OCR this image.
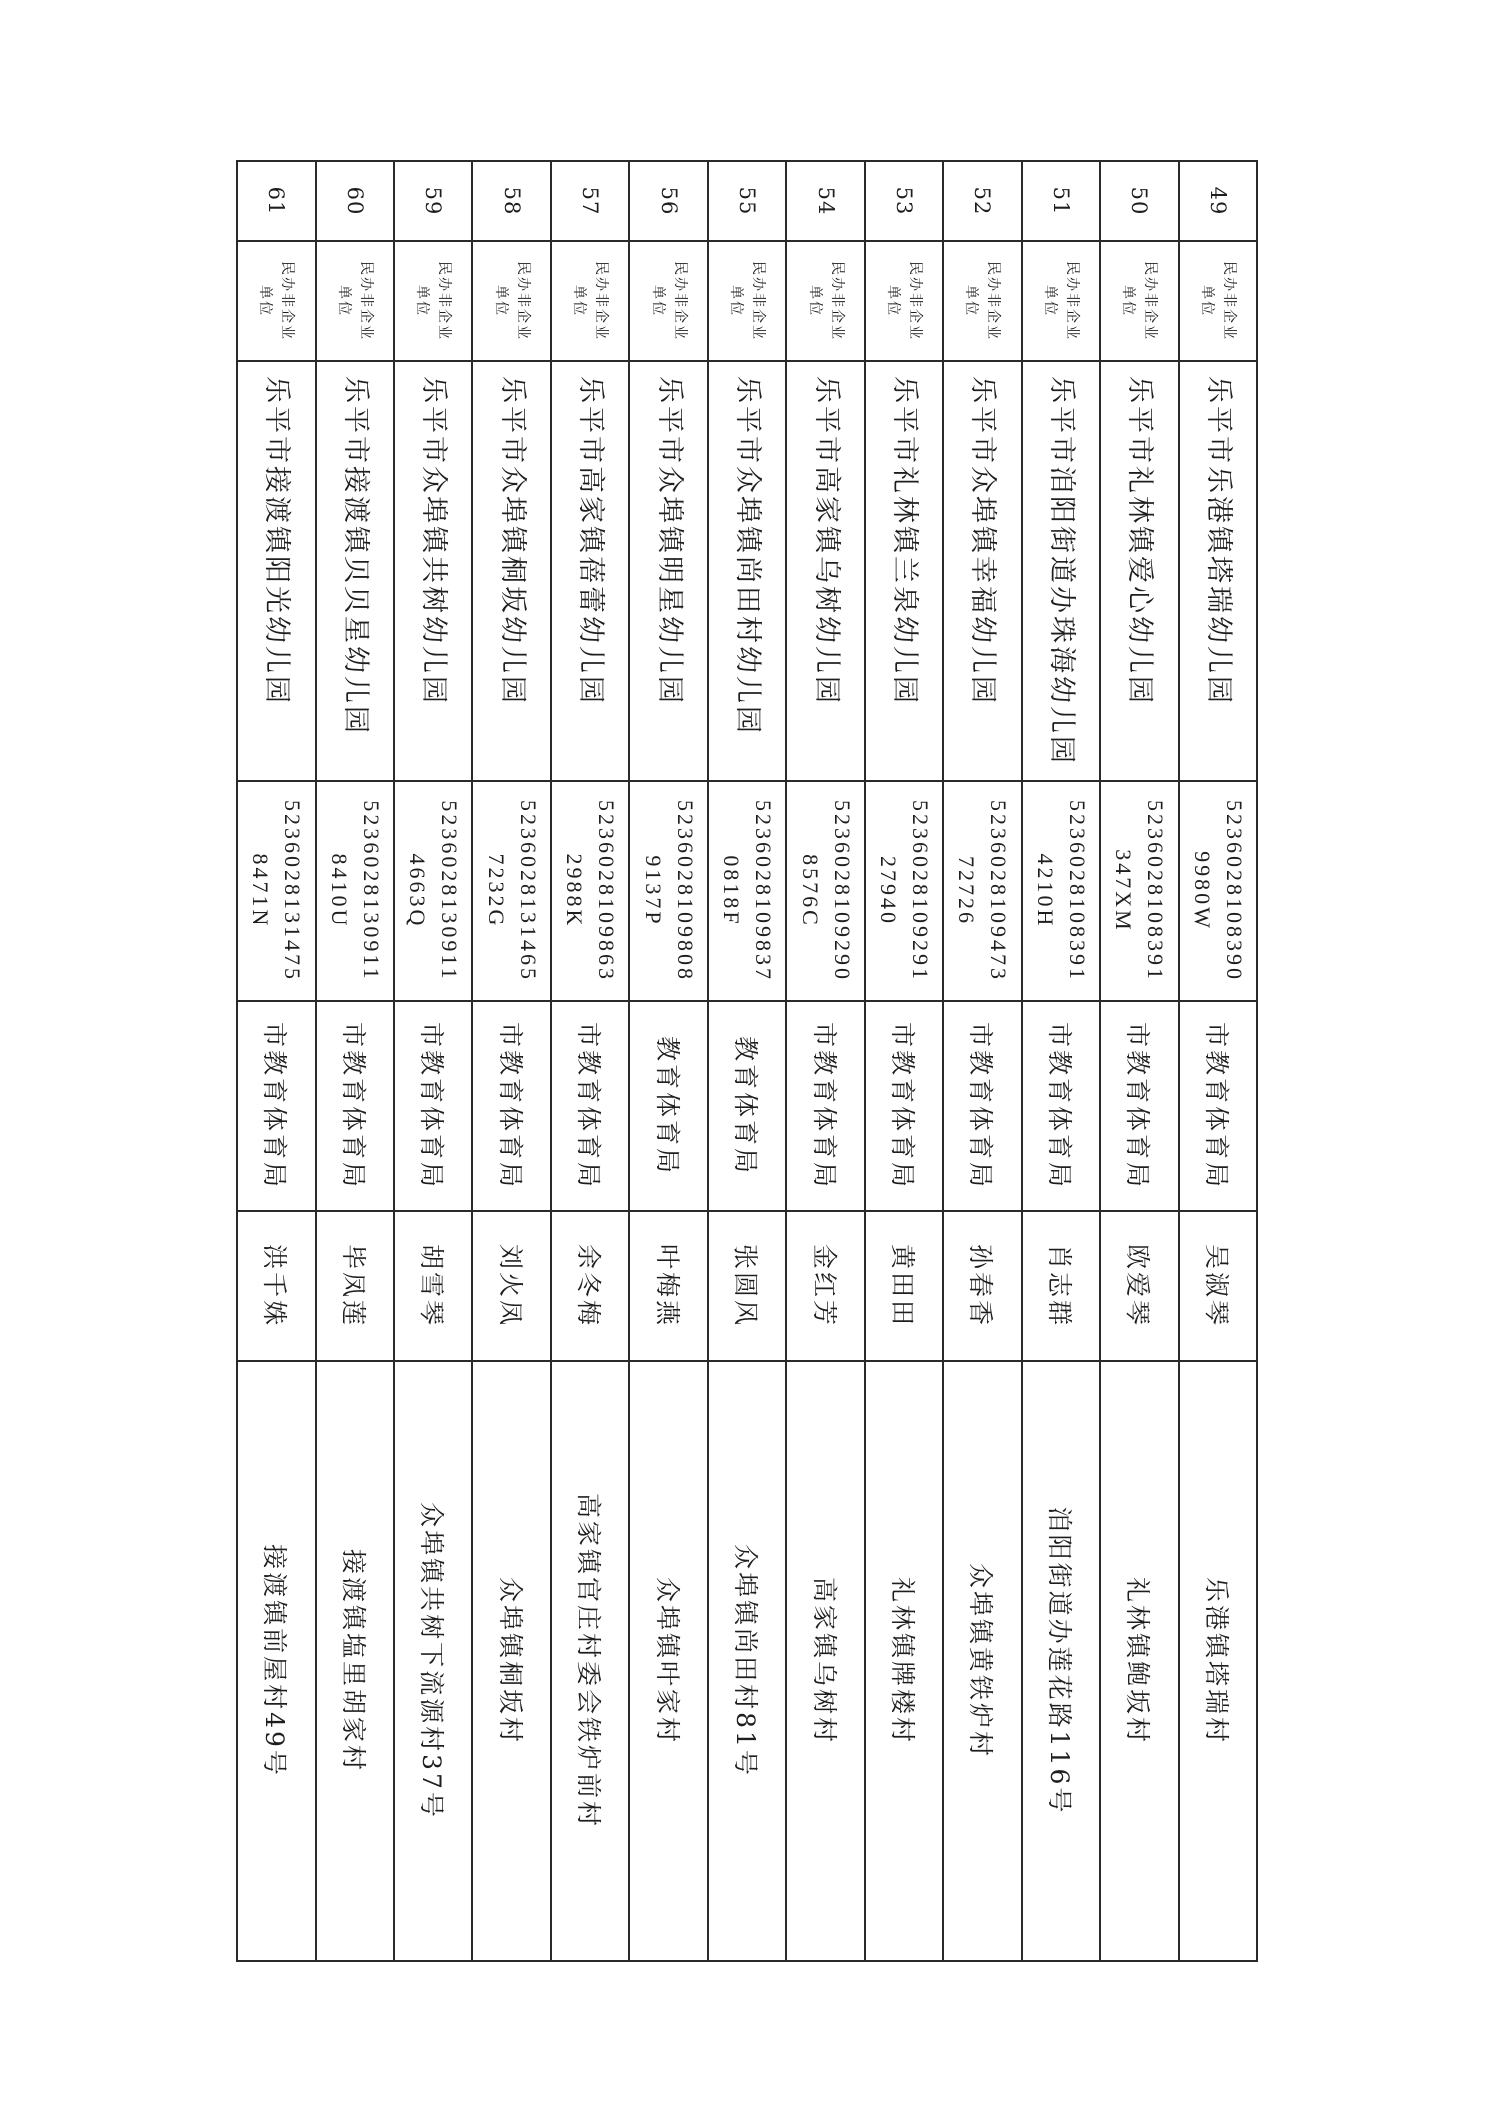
49	民办非企业单位	乐平市乐港镇塔瑞幼儿园	523602810839099​80W	市教育体育局	吴淑琴	乐港镇塔瑞村
50	民办非企业单位	乐平市礼林镇爱心幼儿园	52360281083913​47XM	市教育体育局	欧爱琴	礼林镇鲍坂村
51	民办非企业单位	乐平市洎阳街道办珠海幼儿园	52360281083914​210H	市教育体育局	肖志群	洎阳街道办莲花路116号
52	民办非企业单位	乐平市众埠镇幸福幼儿园	52360281094737​2726	市教育体育局	孙春香	众埠镇黄铁炉村
53	民办非企业单位	乐平市礼林镇兰泉幼儿园	52360281092912​7940	市教育体育局	黄田田	礼林镇牌楼村
54	民办非企业单位	乐平市高家镇乌树幼儿园	52360281092908​576C	市教育体育局	金红芳	高家镇乌树村
55	民办非企业单位	乐平市众埠镇尚田村幼儿园	52360281098370​818F	教育体育局	张圆风	众埠镇尚田村81号
56	民办非企业单位	乐平市众埠镇明星幼儿园	52360281098089​137P	教育体育局	叶梅燕	众埠镇叶家村
57	民办非企业单位	乐平市高家镇蓓蕾幼儿园	52360281098632​988K	市教育体育局	余冬梅	高家镇官庄村委会铁炉前村
58	民办非企业单位	乐平市众埠镇桐坂幼儿园	52360281314657​232G	市教育体育局	刘火凤	众埠镇桐坂村
59	民办非企业单位	乐平市众埠镇共树幼儿园	52360281309114​663Q	市教育体育局	胡雪琴	众埠镇共树下流源村37号
60	民办非企业单位	乐平市接渡镇贝贝星幼儿园	52360281309118​410U	市教育体育局	毕凤莲	接渡镇塩里胡家村
61	民办非企业单位	乐平市接渡镇阳光幼儿园	52360281314758​471N	市教育体育局	洪千姝	接渡镇前屋村49号
